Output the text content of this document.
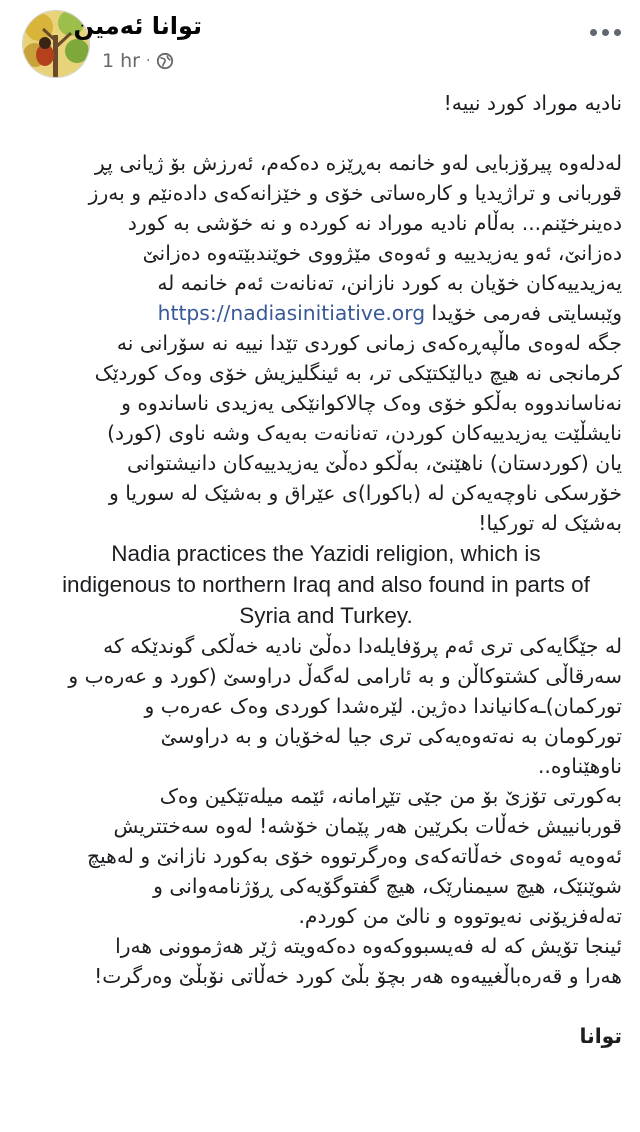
توانا ئەمین
1 hr ·

نادیە موراد کورد نییە!

لەدلەوە پیرۆزبایی لەو خانمە بەڕێزە دەکەم، ئەرزش بۆ ژیانی پڕ

قوربانی و تراژیدیا و کارەساتی خۆی و خێزانەکەی دادەنێم و بەرز

دەینرخێنم... بەڵام نادیە موراد نە کوردە و نە خۆشی بە کورد

دەزانێ، ئەو یەزیدییە و ئەوەی مێژووی خوێندبێتەوە دەزانێ

یەزیدییەکان خۆیان بە کورد نازانن، تەنانەت ئەم خانمە لە

وێبسایتی فەرمی خۆیدا https://nadiasinitiative.org

جگە لەوەی ماڵپەڕەکەی زمانی کوردی تێدا نییە نە سۆرانی نە

کرمانجی نە هیچ دیالێکتێکی تر، بە ئینگلیزیش خۆی وەک کوردێک

نەناساندووە بەڵکو خۆی وەک چالاکوانێکی یەزیدی ناساندوە و

نایشڵێت یەزیدییەکان کوردن، تەنانەت بەیەک وشە ناوی (کورد)

یان (کوردستان) ناهێنێ، بەڵکو دەڵێ یەزیدییەکان دانیشتوانی

خۆرسکی ناوچەیەکن لە (باکورا)ی عێراق و بەشێک لە سوریا و

بەشێک لە تورکیا!

Nadia practices the Yazidi religion, which is

indigenous to northern Iraq and also found in parts of

Syria and Turkey.

لە جێگایەکی تری ئەم پرۆفایلەدا دەڵێ نادیە خەڵکی گوندێکە کە

سەرقاڵی کشتوکاڵن و بە ئارامی لەگەڵ دراوسێ (کورد و عەرەب و

تورکمان)ـەکانیاندا دەژین. لێرەشدا کوردی وەک عەرەب و

تورکومان بە نەتەوەیەکی تری جیا لەخۆیان و بە دراوسێ

ناوهێناوە..

بەکورتی تۆزێ بۆ من جێی تێڕامانە، ئێمە میلەتێکین وەک

قوربانییش خەڵات بکرێین هەر پێمان خۆشە! لەوە سەختتریش

ئەوەیە ئەوەی خەڵاتەکەی وەرگرتووە خۆی بەکورد نازانێ و لەهیچ

شوێنێک، هیچ سیمنارێک، هیچ گفتوگۆیەکی ڕۆژنامەوانی و

تەلەفزیۆنی نەیوتووە و نالێ من کوردم.

ئینجا تۆیش کە لە فەیسبووکەوە دەکەویتە ژێر هەژموونی هەرا

هەرا و قەرەباڵغییەوە هەر بچۆ بڵێ کورد خەڵاتی نۆبڵێ وەرگرت!

توانا
